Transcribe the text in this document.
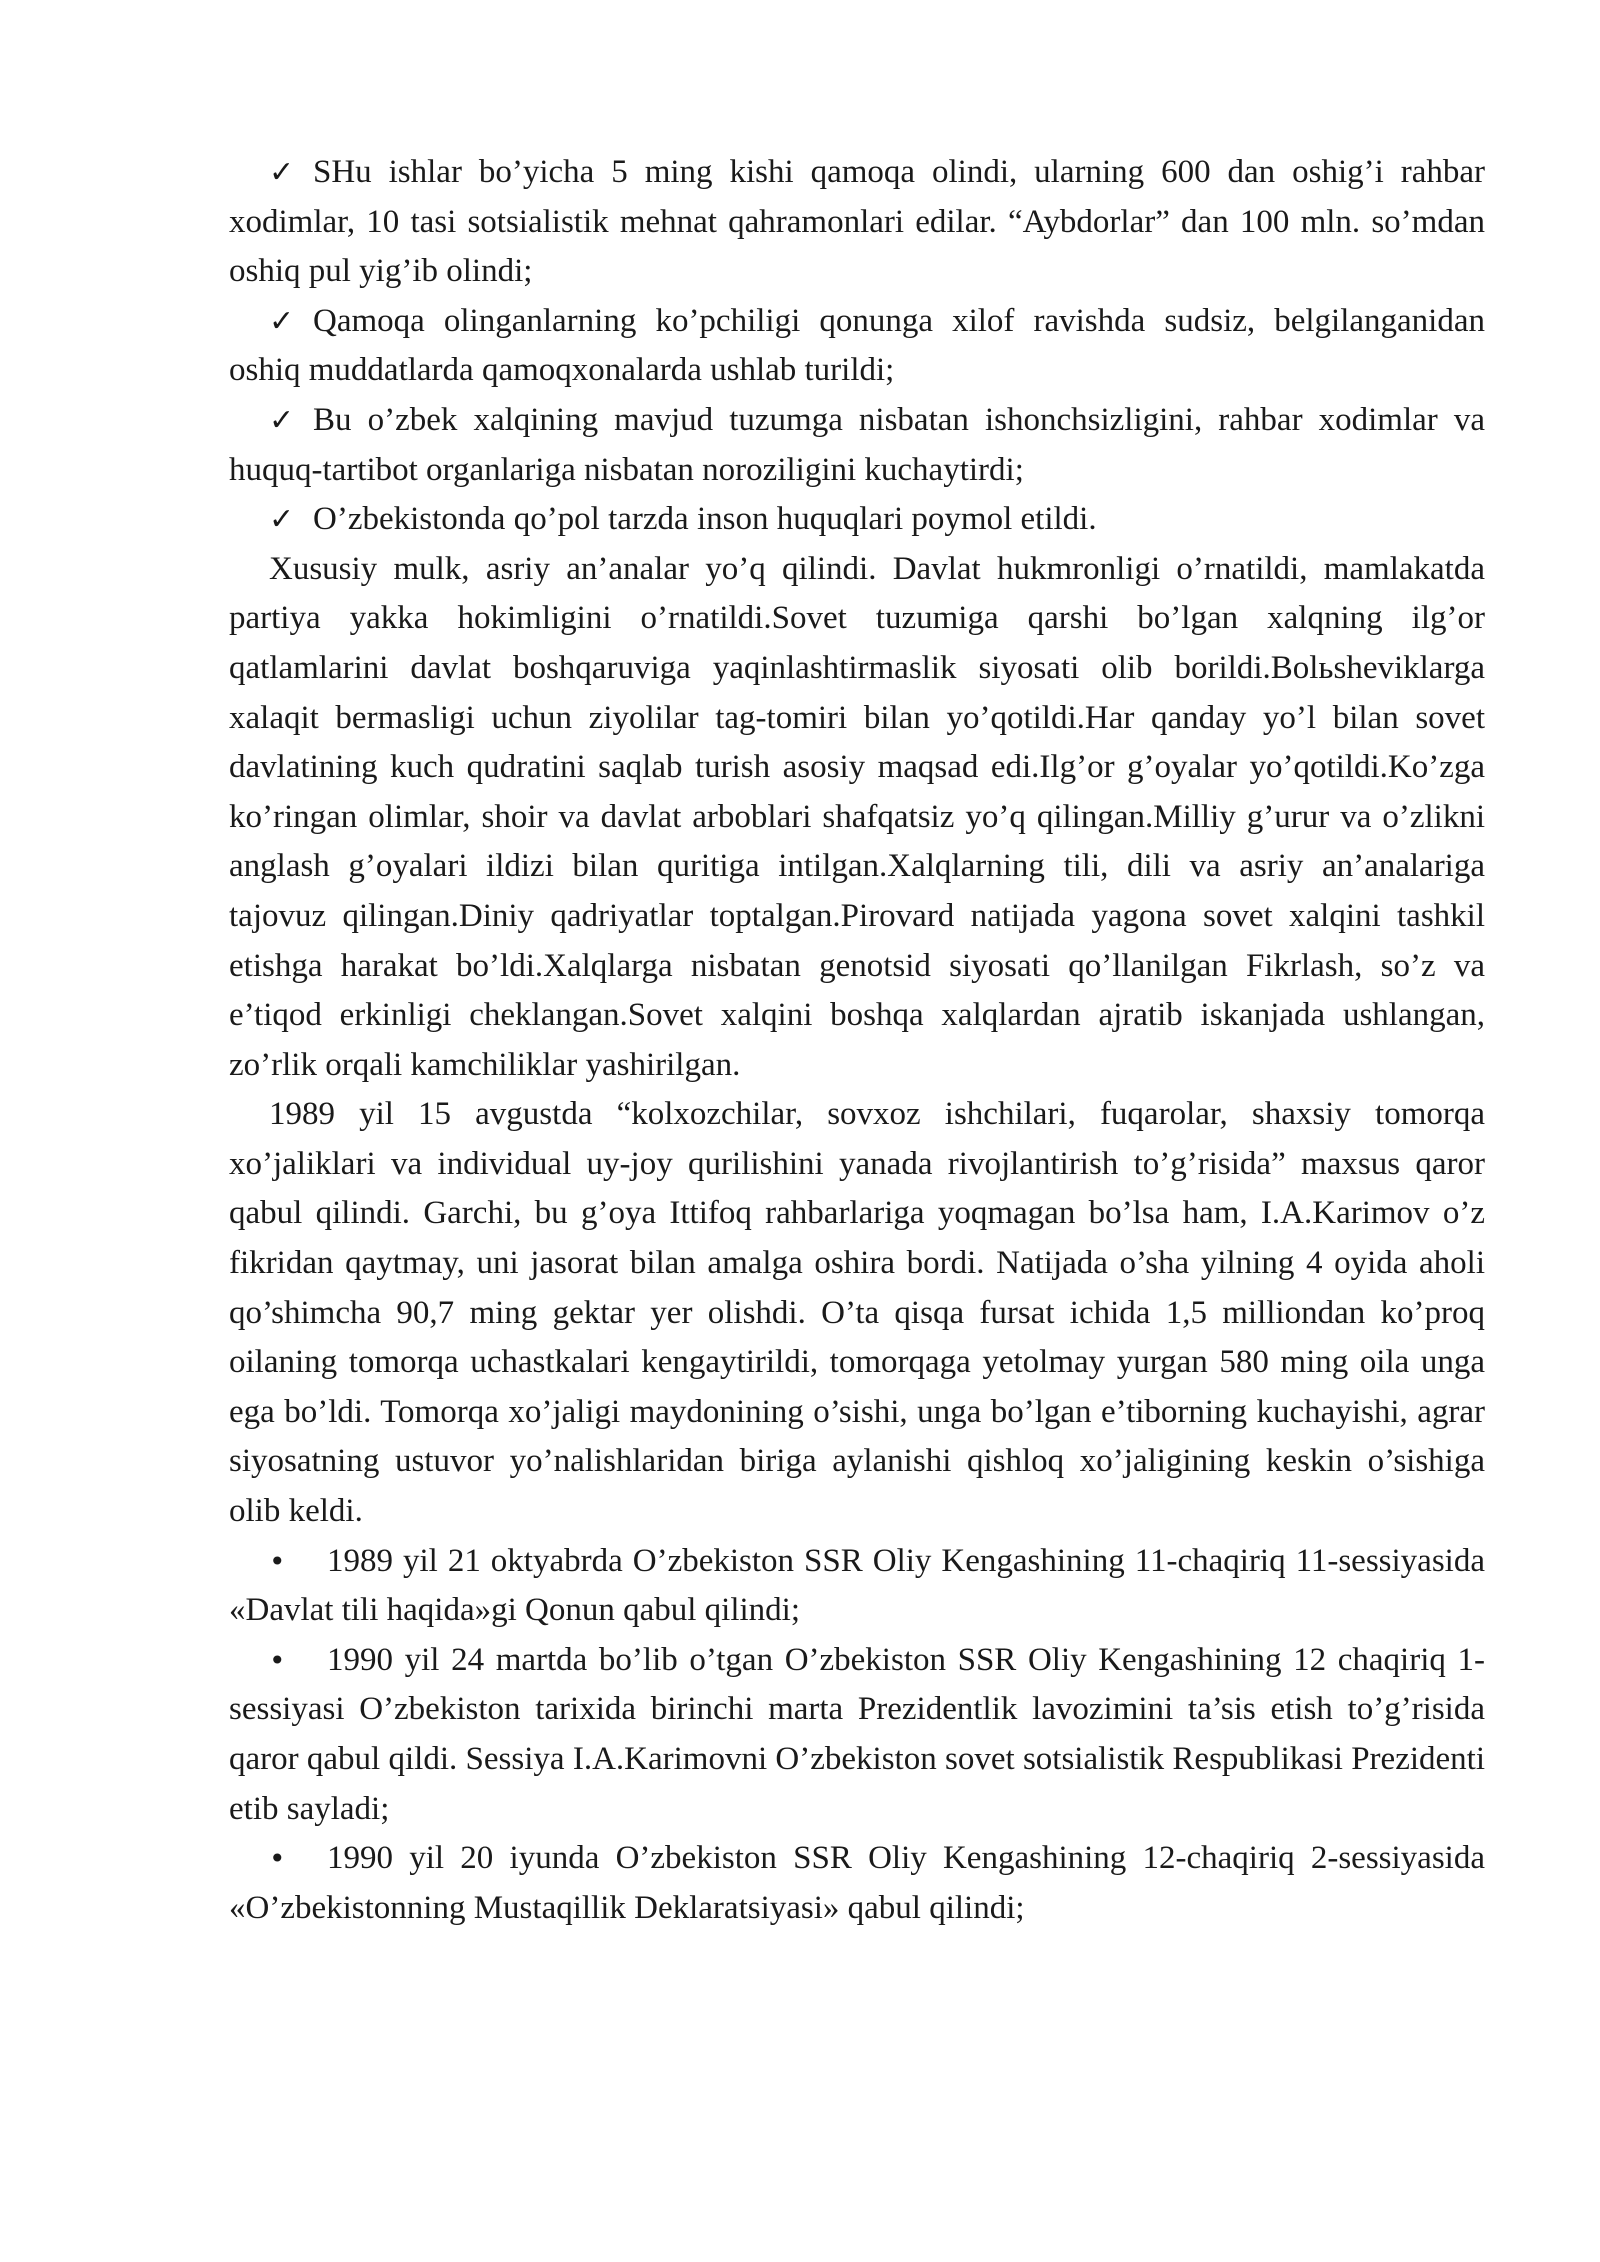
✓ SHu ishlar bo’yicha 5 ming kishi qamoqa olindi, ularning 600 dan oshig’i rahbar xodimlar, 10 tasi sotsialistik mehnat qahramonlari edilar. “Aybdorlar” dan 100 mln. so’mdan oshiq pul yig’ib olindi;

✓ Qamoqa olinganlarning ko’pchiligi qonunga xilof ravishda sudsiz, belgilanganidan oshiq muddatlarda qamoqxonalarda ushlab turildi;

✓ Bu o’zbek xalqining mavjud tuzumga nisbatan ishonchsizligini, rahbar xodimlar va huquq-tartibot organlariga nisbatan noroziligini kuchaytirdi;

✓ O’zbekistonda qo’pol tarzda inson huquqlari poymol etildi.

Xususiy mulk, asriy an’analar yo’q qilindi. Davlat hukmronligi o’rnatildi, mamlakatda partiya yakka hokimligini o’rnatildi.Sovet tuzumiga qarshi bo’lgan xalqning ilg’or qatlamlarini davlat boshqaruviga yaqinlashtirmaslik siyosati olib borildi.Bolьsheviklarga xalaqit bermasligi uchun ziyolilar tag-tomiri bilan yo’qotildi.Har qanday yo’l bilan sovet davlatining kuch qudratini saqlab turish asosiy maqsad edi.Ilg’or g’oyalar yo’qotildi.Ko’zga ko’ringan olimlar, shoir va davlat arboblari shafqatsiz yo’q qilingan.Milliy g’urur va o’zlikni anglash g’oyalari ildizi bilan quritiga intilgan.Xalqlarning tili, dili va asriy an’analariga tajovuz qilingan.Diniy qadriyatlar toptalgan.Pirovard natijada yagona sovet xalqini tashkil etishga harakat bo’ldi.Xalqlarga nisbatan genotsid siyosati qo’llanilgan Fikrlash, so’z va e’tiqod erkinligi cheklangan.Sovet xalqini boshqa xalqlardan ajratib iskanjada ushlangan, zo’rlik orqali kamchiliklar yashirilgan.

1989 yil 15 avgustda “kolxozchilar, sovxoz ishchilari, fuqarolar, shaxsiy tomorqa xo’jaliklari va individual uy-joy qurilishini yanada rivojlantirish to’g’risida” maxsus qaror qabul qilindi. Garchi, bu g’oya Ittifoq rahbarlariga yoqmagan bo’lsa ham, I.A.Karimov o’z fikridan qaytmay, uni jasorat bilan amalga oshira bordi. Natijada o’sha yilning 4 oyida aholi qo’shimcha 90,7 ming gektar yer olishdi. O’ta qisqa fursat ichida 1,5 milliondan ko’proq oilaning tomorqa uchastkalari kengaytirildi, tomorqaga yetolmay yurgan 580 ming oila unga ega bo’ldi. Tomorqa xo’jaligi maydonining o’sishi, unga bo’lgan e’tiborning kuchayishi, agrar siyosatning ustuvor yo’nalishlaridan biriga aylanishi qishloq xo’jaligining keskin o’sishiga olib keldi.

• 1989 yil 21 oktyabrda O’zbekiston SSR Oliy Kengashining 11-chaqiriq 11-sessiyasida «Davlat tili haqida»gi Qonun qabul qilindi;

• 1990 yil 24 martda bo’lib o’tgan O’zbekiston SSR Oliy Kengashining 12 chaqiriq 1-sessiyasi O’zbekiston tarixida birinchi marta Prezidentlik lavozimini ta’sis etish to’g’risida qaror qabul qildi. Sessiya I.A.Karimovni O’zbekiston sovet sotsialistik Respublikasi Prezidenti etib sayladi;

• 1990 yil 20 iyunda O’zbekiston SSR Oliy Kengashining 12-chaqiriq 2-sessiyasida «O’zbekistonning Mustaqillik Deklaratsiyasi» qabul qilindi;
